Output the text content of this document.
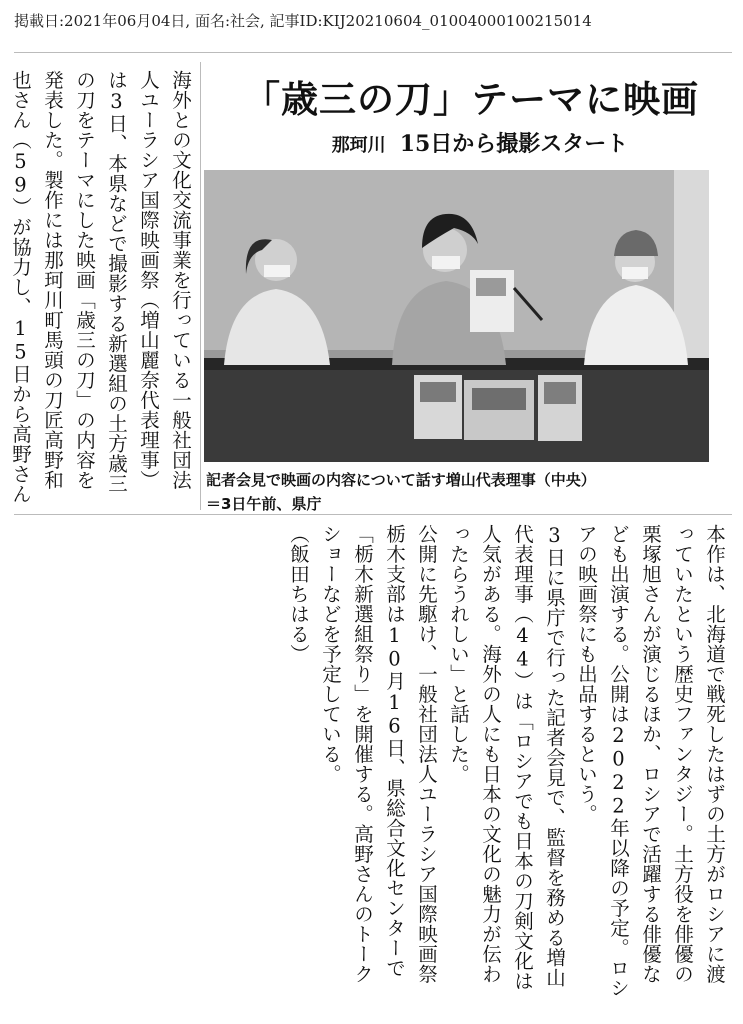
掲載日:2021年06月04日, 面名:社会, 記事ID:KIJ20210604_01004000100215014
「歳三の刀」テーマに映画
那珂川 15日から撮影スタート

海外との文化交流事業を行っている一般社団法人ユーラシア国際映画祭（増山麗奈代表理事）は3日、本県などで撮影する新選組の土方歳三の刀をテーマにした映画「歳三の刀」の内容を発表した。製作には那珂川町馬頭の刀匠高野和也さん（59）が協力し、15日から高野さん

記者会見で映画の内容について話す増山代表理事（中央）
＝3日午前、県庁

本作は、北海道で戦死したはずの土方がロシアに渡っていたという歴史ファンタジー。土方役を俳優の栗塚旭さんが演じるほか、ロシアで活躍する俳優なども出演する。公開は2022年以降の予定。ロシアの映画祭にも出品するという。

3日に県庁で行った記者会見で、監督を務める増山代表理事（44）は「ロシアでも日本の刀剣文化は人気がある。海外の人にも日本の文化の魅力が伝わったらうれしい」と話した。

公開に先駆け、一般社団法人ユーラシア国際映画祭栃木支部は10月16日、県総合文化センターで「栃木新選組祭り」を開催する。高野さんのトークショーなどを予定している。

（飯田ちはる）
